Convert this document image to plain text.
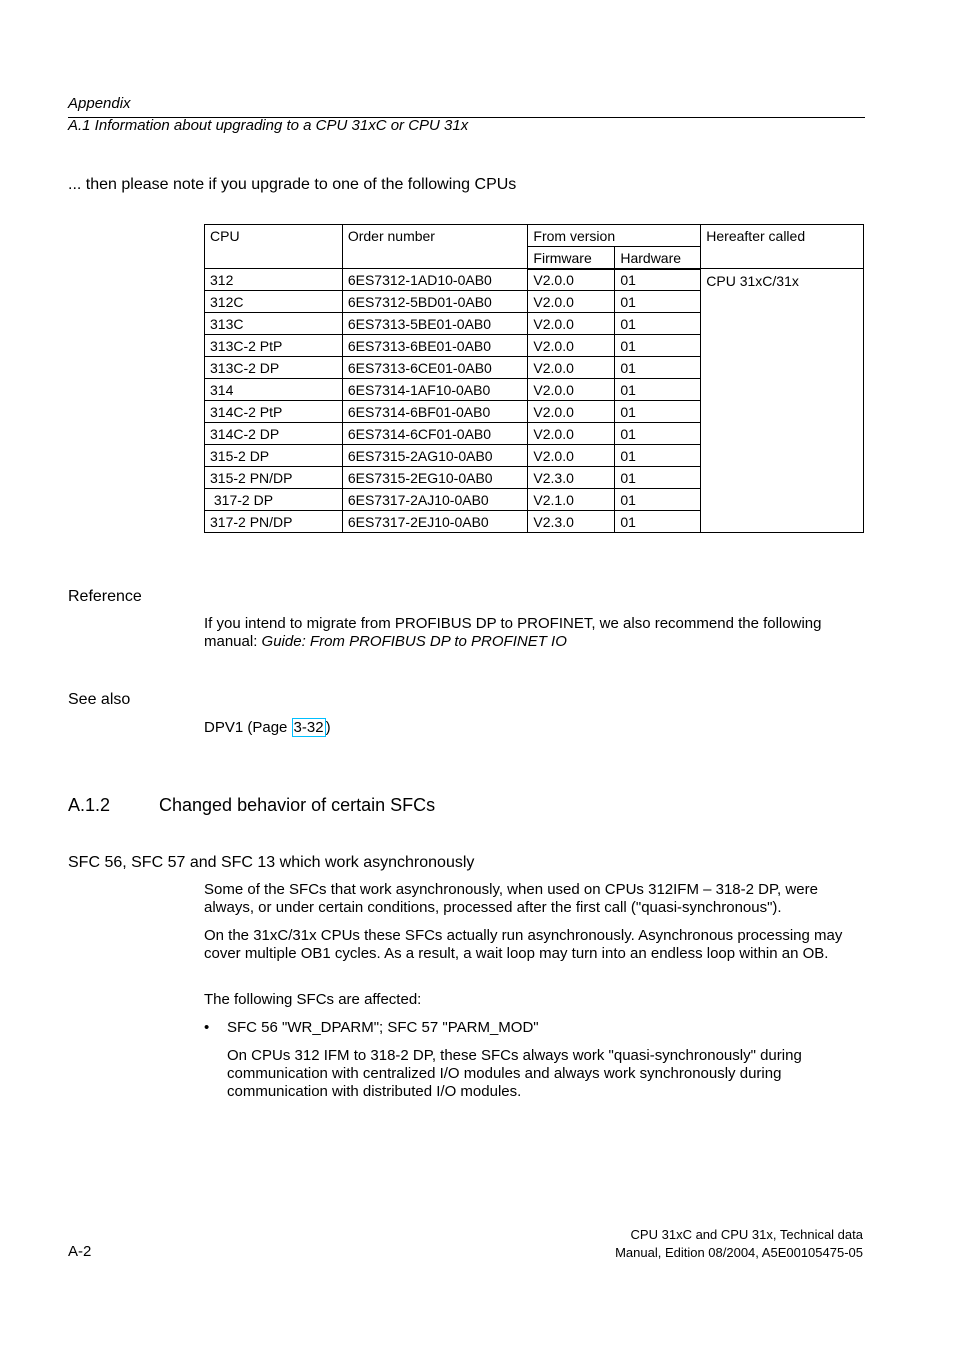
Appendix
A.1 Information about upgrading to a CPU 31xC or CPU 31x
... then please note if you upgrade to one of the following CPUs
CPU	Order number	From version		Hereafter called
		Firmware	Hardware	
312	6ES7312-1AD10-0AB0	V2.0.0	01	CPU 31xC/31x
312C	6ES7312-5BD01-0AB0	V2.0.0	01	
313C	6ES7313-5BE01-0AB0	V2.0.0	01	
313C-2 PtP	6ES7313-6BE01-0AB0	V2.0.0	01	
313C-2 DP	6ES7313-6CE01-0AB0	V2.0.0	01	
314	6ES7314-1AF10-0AB0	V2.0.0	01	
314C-2 PtP	6ES7314-6BF01-0AB0	V2.0.0	01	
314C-2 DP	6ES7314-6CF01-0AB0	V2.0.0	01	
315-2 DP	6ES7315-2AG10-0AB0	V2.0.0	01	
315-2 PN/DP	6ES7315-2EG10-0AB0	V2.3.0	01	
317-2 DP	6ES7317-2AJ10-0AB0	V2.1.0	01	
317-2 PN/DP	6ES7317-2EJ10-0AB0	V2.3.0	01	
Reference
If you intend to migrate from PROFIBUS DP to PROFINET, we also recommend the following manual: Guide: From PROFIBUS DP to PROFINET IO
See also
DPV1 (Page 3-32 )
A.1.2	Changed behavior of certain SFCs
SFC 56, SFC 57 and SFC 13 which work asynchronously
Some of the SFCs that work asynchronously, when used on CPUs 312IFM – 318-2 DP, were always, or under certain conditions, processed after the first call ("quasi-synchronous").
On the 31xC/31x CPUs these SFCs actually run asynchronously. Asynchronous processing may cover multiple OB1 cycles. As a result, a wait loop may turn into an endless loop within an OB.
The following SFCs are affected:
• SFC 56 "WR_DPARM"; SFC 57 "PARM_MOD"
On CPUs 312 IFM to 318-2 DP, these SFCs always work "quasi-synchronously" during communication with centralized I/O modules and always work synchronously during communication with distributed I/O modules.
A-2
CPU 31xC and CPU 31x, Technical data
Manual, Edition 08/2004, A5E00105475-05
